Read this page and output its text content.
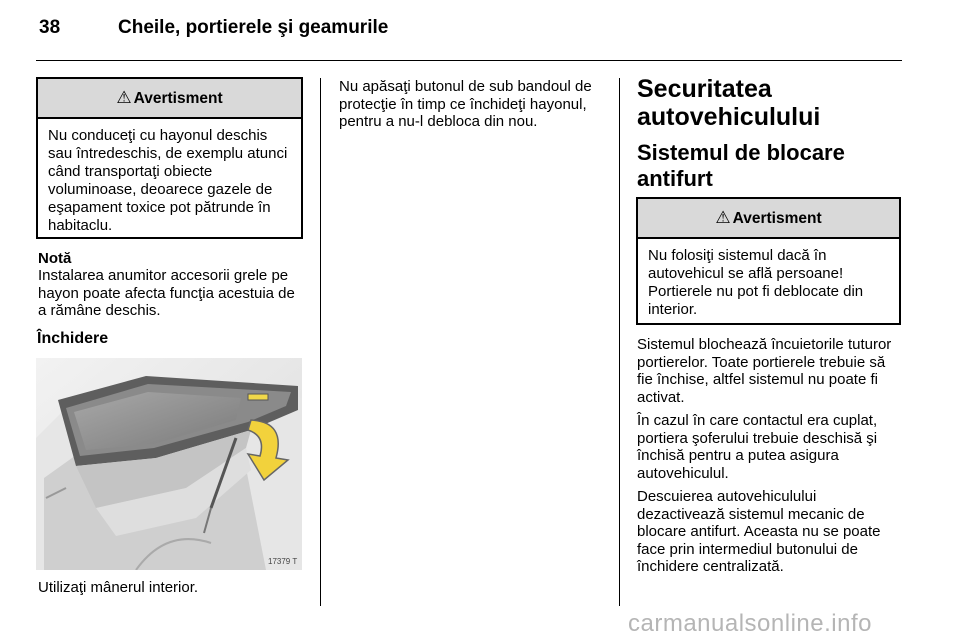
38	Cheile, portierele şi geamurile
⚠ Avertisment
Nu conduceţi cu hayonul deschis sau întredeschis, de exemplu atunci când transportaţi obiecte voluminoase, deoarece gazele de eşapament toxice pot pătrunde în habitaclu.
Notă
Instalarea anumitor accesorii grele pe hayon poate afecta funcţia acestuia de a rămâne deschis.
Închidere
17379 T
Utilizaţi mânerul interior.
Nu apăsaţi butonul de sub bandoul de protecţie în timp ce închideţi hayonul, pentru a nu-l debloca din nou.
Securitatea autovehiculului
Sistemul de blocare antifurt
⚠ Avertisment
Nu folosiţi sistemul dacă în autovehicul se află persoane! Portierele nu pot fi deblocate din interior.

Sistemul blochează încuietorile tuturor portierelor. Toate portierele trebuie să fie închise, altfel sistemul nu poate fi activat.

În cazul în care contactul era cuplat, portiera şoferului trebuie deschisă şi închisă pentru a putea asigura autovehiculul.

Descuierea autovehiculului dezactivează sistemul mecanic de blocare antifurt. Aceasta nu se poate face prin intermediul butonului de închidere centralizată.

carmanualsonline.info
